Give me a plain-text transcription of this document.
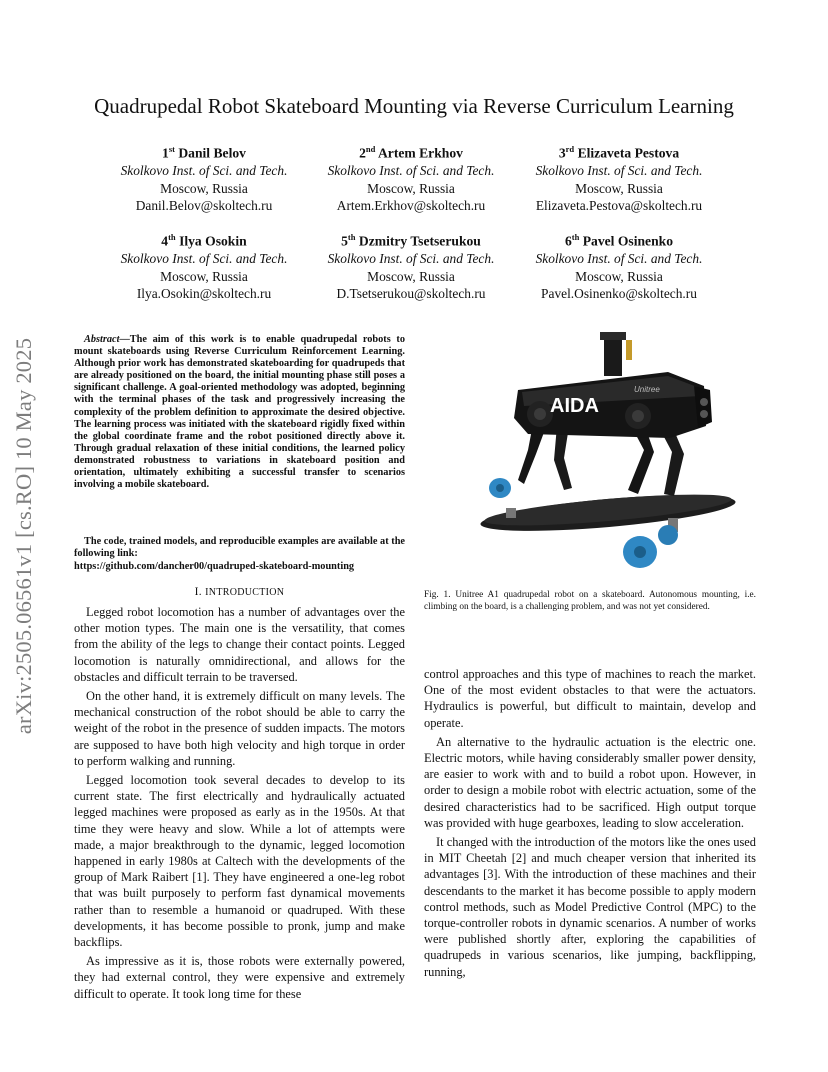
arXiv:2505.06561v1 [cs.RO] 10 May 2025
Quadrupedal Robot Skateboard Mounting via Reverse Curriculum Learning
1st Danil Belov
Skolkovo Inst. of Sci. and Tech.
Moscow, Russia
Danil.Belov@skoltech.ru
2nd Artem Erkhov
Skolkovo Inst. of Sci. and Tech.
Moscow, Russia
Artem.Erkhov@skoltech.ru
3rd Elizaveta Pestova
Skolkovo Inst. of Sci. and Tech.
Moscow, Russia
Elizaveta.Pestova@skoltech.ru
4th Ilya Osokin
Skolkovo Inst. of Sci. and Tech.
Moscow, Russia
Ilya.Osokin@skoltech.ru
5th Dzmitry Tsetserukou
Skolkovo Inst. of Sci. and Tech.
Moscow, Russia
D.Tsetserukou@skoltech.ru
6th Pavel Osinenko
Skolkovo Inst. of Sci. and Tech.
Moscow, Russia
Pavel.Osinenko@skoltech.ru
Abstract—The aim of this work is to enable quadrupedal robots to mount skateboards using Reverse Curriculum Reinforcement Learning. Although prior work has demonstrated skateboarding for quadrupeds that are already positioned on the board, the initial mounting phase still poses a significant challenge. A goal-oriented methodology was adopted, beginning with the terminal phases of the task and progressively increasing the complexity of the problem definition to approximate the desired objective. The learning process was initiated with the skateboard rigidly fixed within the global coordinate frame and the robot positioned directly above it. Through gradual relaxation of these initial conditions, the learned policy demonstrated robustness to variations in skateboard position and orientation, ultimately exhibiting a successful transfer to scenarios involving a mobile skateboard.
The code, trained models, and reproducible examples are available at the following link:
https://github.com/dancher00/quadruped-skateboard-mounting
I. INTRODUCTION

Legged robot locomotion has a number of advantages over the other motion types. The main one is the versatility, that comes from the ability of the legs to change their contact points. Legged locomotion is naturally omnidirectional, and allows for the obstacles and difficult terrain to be traversed.

On the other hand, it is extremely difficult on many levels. The mechanical construction of the robot should be able to carry the weight of the robot in the presence of sudden impacts. The motors are supposed to have both high velocity and high torque in order to perform walking and running.

Legged locomotion took several decades to develop to its current state. The first electrically and hydraulically actuated legged machines were proposed as early as in the 1950s. At that time they were heavy and slow. While a lot of attempts were made, a major breakthrough to the dynamic, legged locomotion happened in early 1980s at Caltech with the developments of the group of Mark Raibert [1]. They have engineered a one-leg robot that was built purposely to perform fast dynamical movements rather than to resemble a humanoid or quadruped. With these developments, it has become possible to pronk, jump and make backflips.

As impressive as it is, those robots were externally powered, they had external control, they were expensive and extremely difficult to operate. It took long time for these

AIDA
Unitree
Fig. 1. Unitree A1 quadrupedal robot on a skateboard. Autonomous mounting, i.e. climbing on the board, is a challenging problem, and was not yet considered.

control approaches and this type of machines to reach the market. One of the most evident obstacles to that were the actuators. Hydraulics is powerful, but difficult to maintain, develop and operate.

An alternative to the hydraulic actuation is the electric one. Electric motors, while having considerably smaller power density, are easier to work with and to build a robot upon. However, in order to design a mobile robot with electric actuation, some of the desired characteristics had to be sacrificed. High output torque was provided with huge gearboxes, leading to slow acceleration.

It changed with the introduction of the motors like the ones used in MIT Cheetah [2] and much cheaper version that inherited its advantages [3]. With the introduction of these machines and their descendants to the market it has become possible to apply modern control methods, such as Model Predictive Control (MPC) to the torque-controller robots in dynamic scenarios. A number of works were published shortly after, exploring the capabilities of quadrupeds in various scenarios, like jumping, backflipping, running,
